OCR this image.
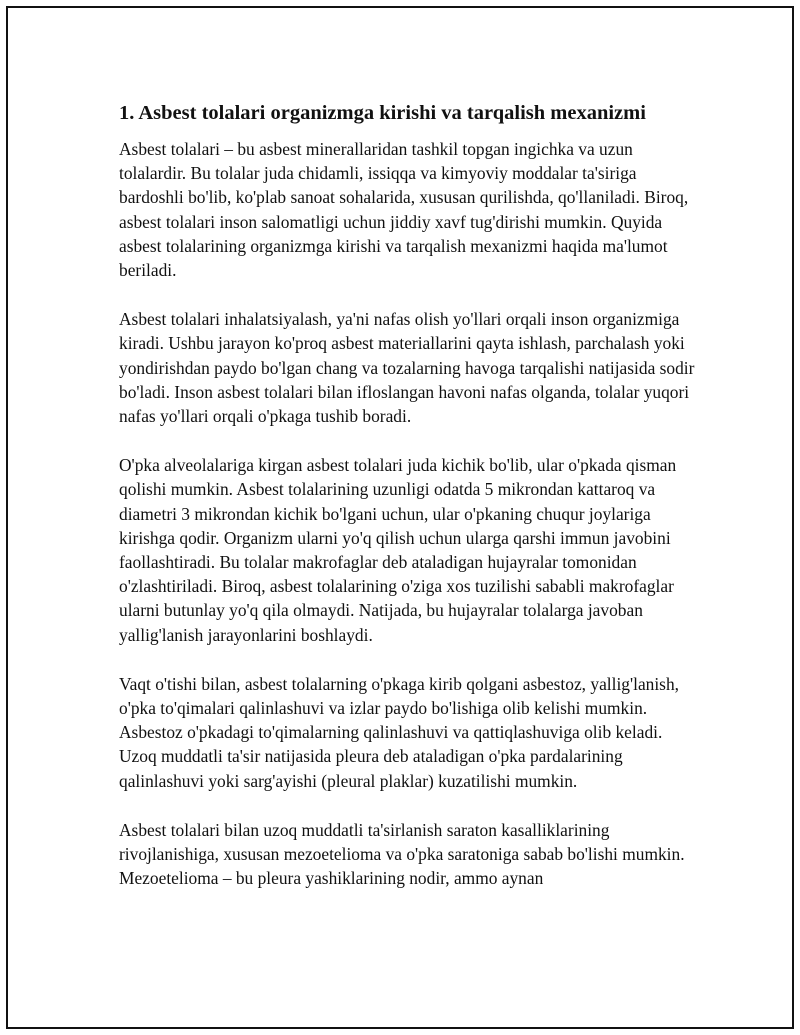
1. Asbest tolalari organizmga kirishi va tarqalish mexanizmi

Asbest tolalari – bu asbest minerallaridan tashkil topgan ingichka va uzun tolalardir. Bu tolalar juda chidamli, issiqqa va kimyoviy moddalar ta'siriga bardoshli bo'lib, ko'plab sanoat sohalarida, xususan qurilishda, qo'llaniladi. Biroq, asbest tolalari inson salomatligi uchun jiddiy xavf tug'dirishi mumkin. Quyida asbest tolalarining organizmga kirishi va tarqalish mexanizmi haqida ma'lumot beriladi.

Asbest tolalari inhalatsiyalash, ya'ni nafas olish yo'llari orqali inson organizmiga kiradi. Ushbu jarayon ko'proq asbest materiallarini qayta ishlash, parchalash yoki yondirishdan paydo bo'lgan chang va tozalarning havoga tarqalishi natijasida sodir bo'ladi. Inson asbest tolalari bilan ifloslangan havoni nafas olganda, tolalar yuqori nafas yo'llari orqali o'pkaga tushib boradi.

O'pka alveolalariga kirgan asbest tolalari juda kichik bo'lib, ular o'pkada qisman qolishi mumkin. Asbest tolalarining uzunligi odatda 5 mikrondan kattaroq va diametri 3 mikrondan kichik bo'lgani uchun, ular o'pkaning chuqur joylariga kirishga qodir. Organizm ularni yo'q qilish uchun ularga qarshi immun javobini faollashtiradi. Bu tolalar makrofaglar deb ataladigan hujayralar tomonidan o'zlashtiriladi. Biroq, asbest tolalarining o'ziga xos tuzilishi sababli makrofaglar ularni butunlay yo'q qila olmaydi. Natijada, bu hujayralar tolalarga javoban yallig'lanish jarayonlarini boshlaydi.

Vaqt o'tishi bilan, asbest tolalarning o'pkaga kirib qolgani asbestoz, yallig'lanish, o'pka to'qimalari qalinlashuvi va izlar paydo bo'lishiga olib kelishi mumkin. Asbestoz o'pkadagi to'qimalarning qalinlashuvi va qattiqlashuviga olib keladi. Uzoq muddatli ta'sir natijasida pleura deb ataladigan o'pka pardalarining qalinlashuvi yoki sarg'ayishi (pleural plaklar) kuzatilishi mumkin.

Asbest tolalari bilan uzoq muddatli ta'sirlanish saraton kasalliklarining rivojlanishiga, xususan mezoetelioma va o'pka saratoniga sabab bo'lishi mumkin. Mezoetelioma – bu pleura yashiklarining nodir, ammo aynan
